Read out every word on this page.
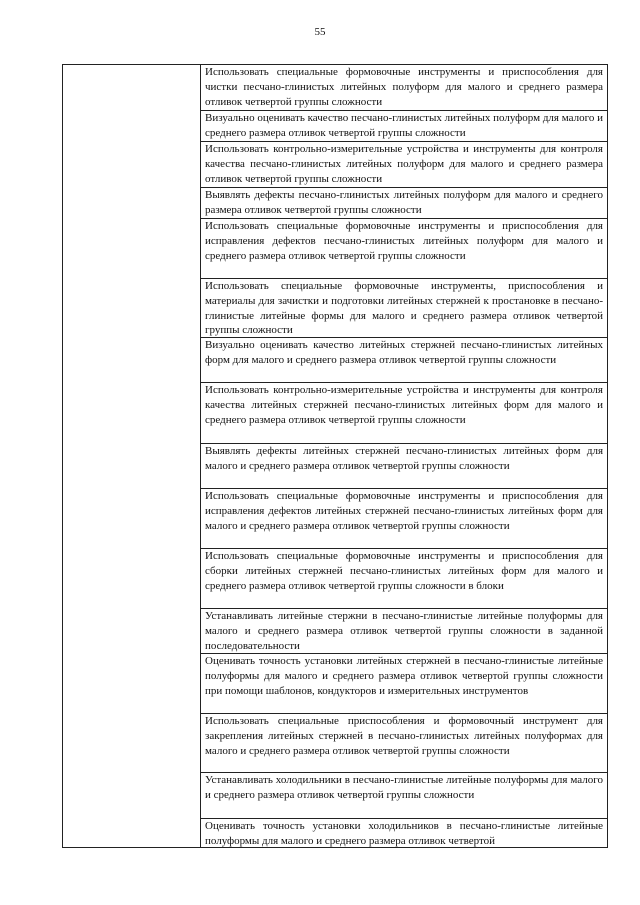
55
Использовать специальные формовочные инструменты и приспособления для чистки песчано-глинистых литейных полуформ для малого и среднего размера отливок четвертой группы сложности
Визуально оценивать качество песчано-глинистых литейных полуформ для малого и среднего размера отливок четвертой группы сложности
Использовать контрольно-измерительные устройства и инструменты для контроля качества песчано-глинистых литейных полуформ для малого и среднего размера отливок четвертой группы сложности
Выявлять дефекты песчано-глинистых литейных полуформ для малого и среднего размера отливок четвертой группы сложности
Использовать специальные формовочные инструменты и приспособления для исправления дефектов песчано-глинистых литейных полуформ для малого и среднего размера отливок четвертой группы сложности
Использовать специальные формовочные инструменты, приспособления и материалы для зачистки и подготовки литейных стержней к простановке в песчано-глинистые литейные формы для малого и среднего размера отливок четвертой группы сложности
Визуально оценивать качество литейных стержней песчано-глинистых литейных форм для малого и среднего размера отливок четвертой группы сложности
Использовать контрольно-измерительные устройства и инструменты для контроля качества литейных стержней песчано-глинистых литейных форм для малого и среднего размера отливок четвертой группы сложности
Выявлять дефекты литейных стержней песчано-глинистых литейных форм для малого и среднего размера отливок четвертой группы сложности
Использовать специальные формовочные инструменты и приспособления для исправления дефектов литейных стержней песчано-глинистых литейных форм для малого и среднего размера отливок четвертой группы сложности
Использовать специальные формовочные инструменты и приспособления для сборки литейных стержней песчано-глинистых литейных форм для малого и среднего размера отливок четвертой группы сложности в блоки
Устанавливать литейные стержни в песчано-глинистые литейные полуформы для малого и среднего размера отливок четвертой группы сложности в заданной последовательности
Оценивать точность установки литейных стержней в песчано-глинистые литейные полуформы для малого и среднего размера отливок четвертой группы сложности при помощи шаблонов, кондукторов и измерительных инструментов
Использовать специальные приспособления и формовочный инструмент для закрепления литейных стержней в песчано-глинистых литейных полуформах для малого и среднего размера отливок четвертой группы сложности
Устанавливать холодильники в песчано-глинистые литейные полуформы для малого и среднего размера отливок четвертой группы сложности
Оценивать точность установки холодильников в песчано-глинистые литейные полуформы для малого и среднего размера отливок четвертой
